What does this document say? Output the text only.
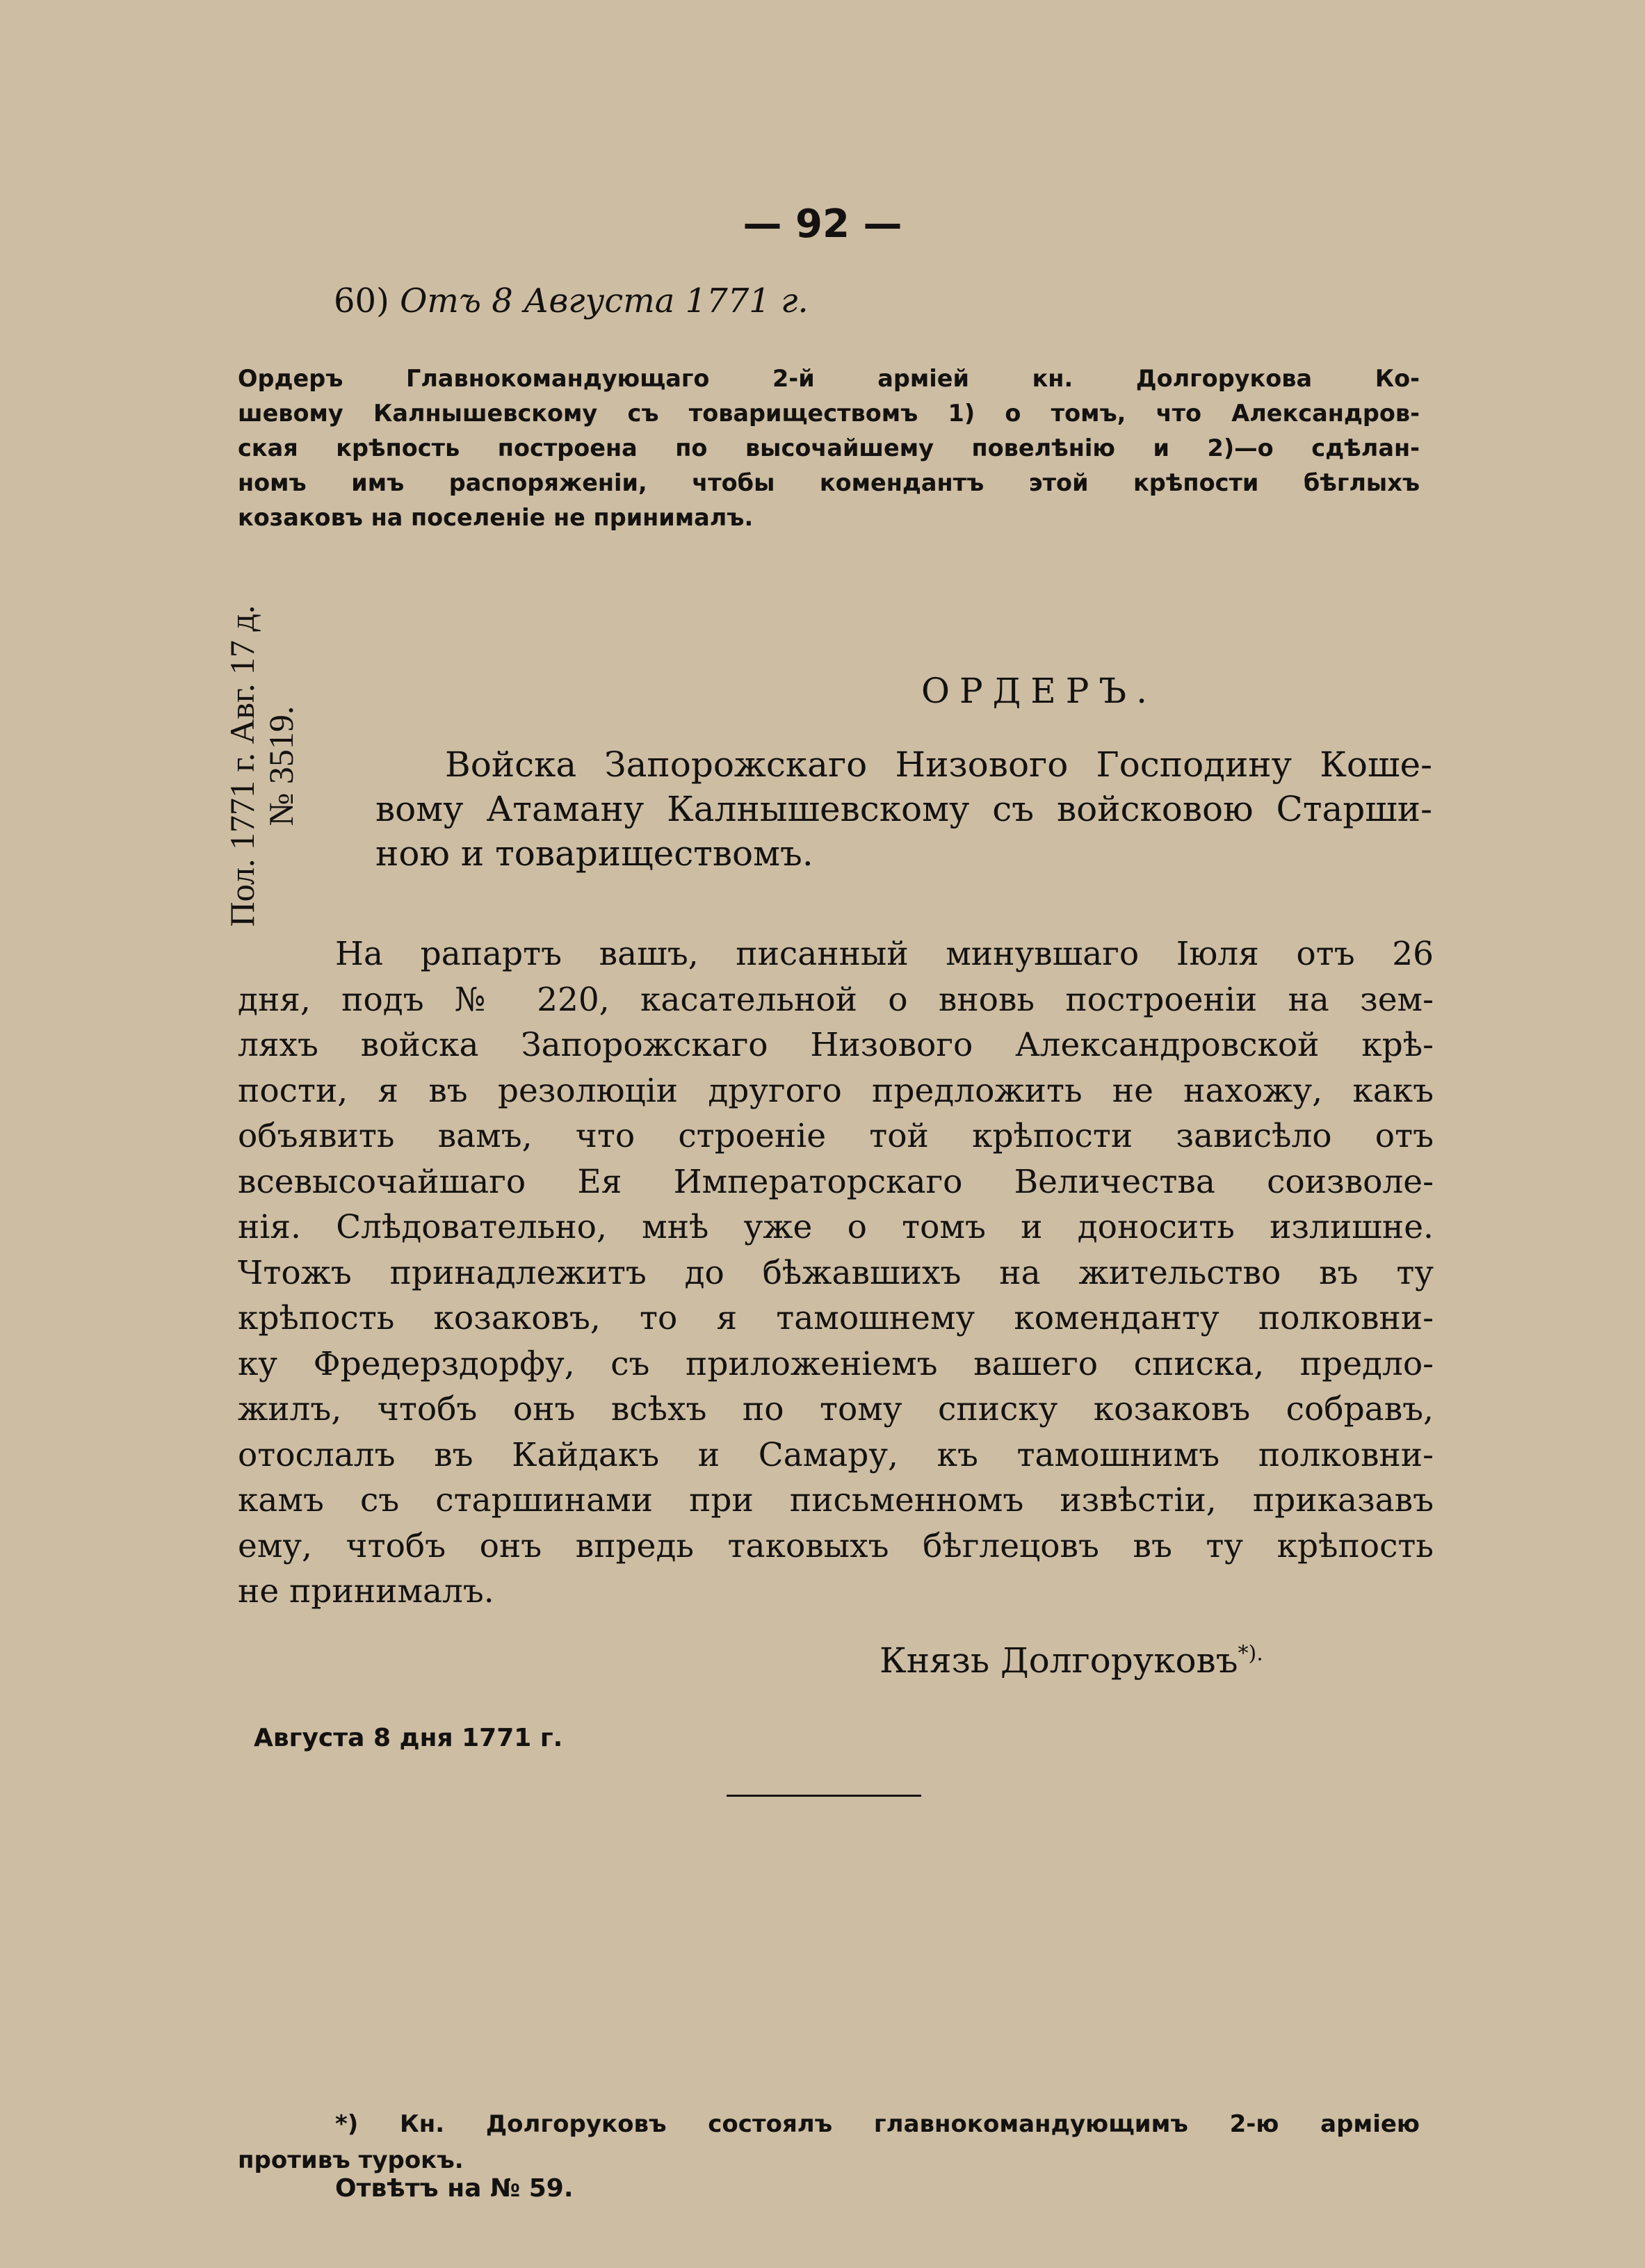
— 92 —
60) Отъ 8 Августа 1771 г.
Ордеръ Главнокомандующаго 2-й арміей кн. Долгорукова Ко-
шевому Калнышевскому съ товариществомъ 1) о томъ, что Александров-
ская крѣпость построена по высочайшему повелѣнію и 2)—о сдѣлан-
номъ имъ распоряженіи, чтобы комендантъ этой крѣпости бѣглыхъ
козаковъ на поселеніе не принималъ.
Пол. 1771 г. Авг. 17 д. № 3519.
ОРДЕРЪ.
Войска Запорожскаго Низового Господину Коше-
вому Атаману Калнышевскому съ войсковою Старши-
ною и товариществомъ.
На рапартъ вашъ, писанный минувшаго Іюля отъ 26
дня, подъ № 220, касательной о вновь построеніи на зем-
ляхъ войска Запорожскаго Низового Александровской крѣ-
пости, я въ резолюціи другого предложить не нахожу, какъ
объявить вамъ, что строеніе той крѣпости зависѣло отъ
всевысочайшаго Ея Императорскаго Величества соизволе-
нія. Слѣдовательно, мнѣ уже о томъ и доносить излишне.
Чтожъ принадлежитъ до бѣжавшихъ на жительство въ ту
крѣпость козаковъ, то я тамошнему коменданту полковни-
ку Фредерздорфу, съ приложеніемъ вашего списка, предло-
жилъ, чтобъ онъ всѣхъ по тому списку козаковъ собравъ,
отослалъ въ Кайдакъ и Самару, къ тамошнимъ полковни-
камъ съ старшинами при письменномъ извѣстіи, приказавъ
ему, чтобъ онъ впредь таковыхъ бѣглецовъ въ ту крѣпость
не принималъ.
Князь Долгоруковъ*).
Августа 8 дня 1771 г.
*) Кн. Долгоруковъ состоялъ главнокомандующимъ 2-ю арміею
противъ турокъ.
Отвѣтъ на № 59.
